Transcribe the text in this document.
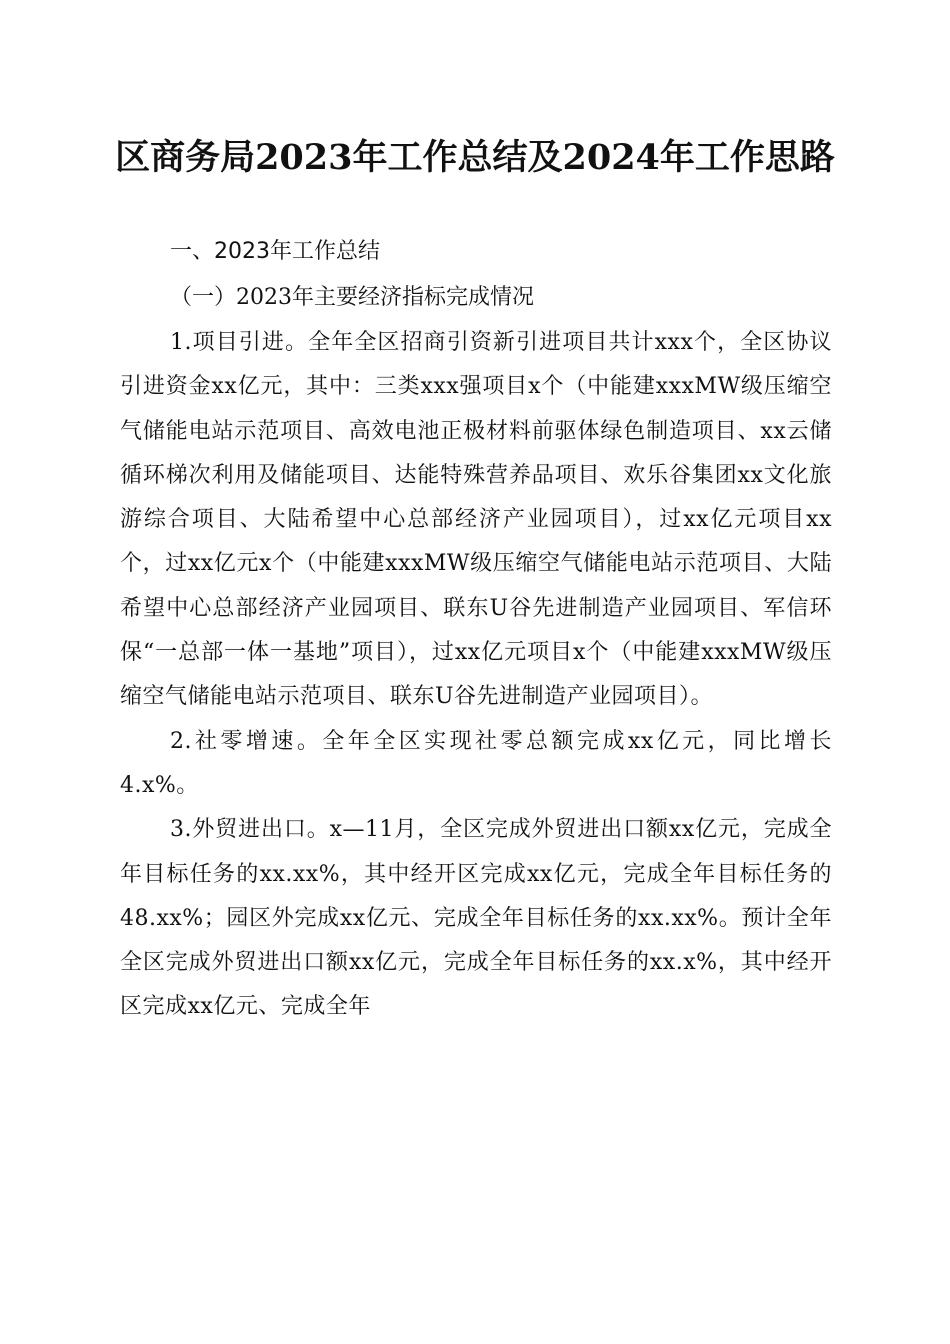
区商务局2023年工作总结及2024年工作思路
一、2023年工作总结
（一）2023年主要经济指标完成情况

1.项目引进。全年全区招商引资新引进项目共计xxx个，全区协议引进资金xx亿元，其中：三类xxx强项目x个（中能建xxxMW级压缩空气储能电站示范项目、高效电池正极材料前驱体绿色制造项目、xx云储循环梯次利用及储能项目、达能特殊营养品项目、欢乐谷集团xx文化旅游综合项目、大陆希望中心总部经济产业园项目），过xx亿元项目xx个，过xx亿元x个（中能建xxxMW级压缩空气储能电站示范项目、大陆希望中心总部经济产业园项目、联东U谷先进制造产业园项目、军信环保“一总部一体一基地”项目），过xx亿元项目x个（中能建xxxMW级压缩空气储能电站示范项目、联东U谷先进制造产业园项目）。

2.社零增速。全年全区实现社零总额完成xx亿元，同比增长4.x%。

3.外贸进出口。x—11月，全区完成外贸进出口额xx亿元，完成全年目标任务的xx.xx%，其中经开区完成xx亿元，完成全年目标任务的48.xx%；园区外完成xx亿元、完成全年目标任务的xx.xx%。预计全年全区完成外贸进出口额xx亿元，完成全年目标任务的xx.x%，其中经开区完成xx亿元、完成全年
